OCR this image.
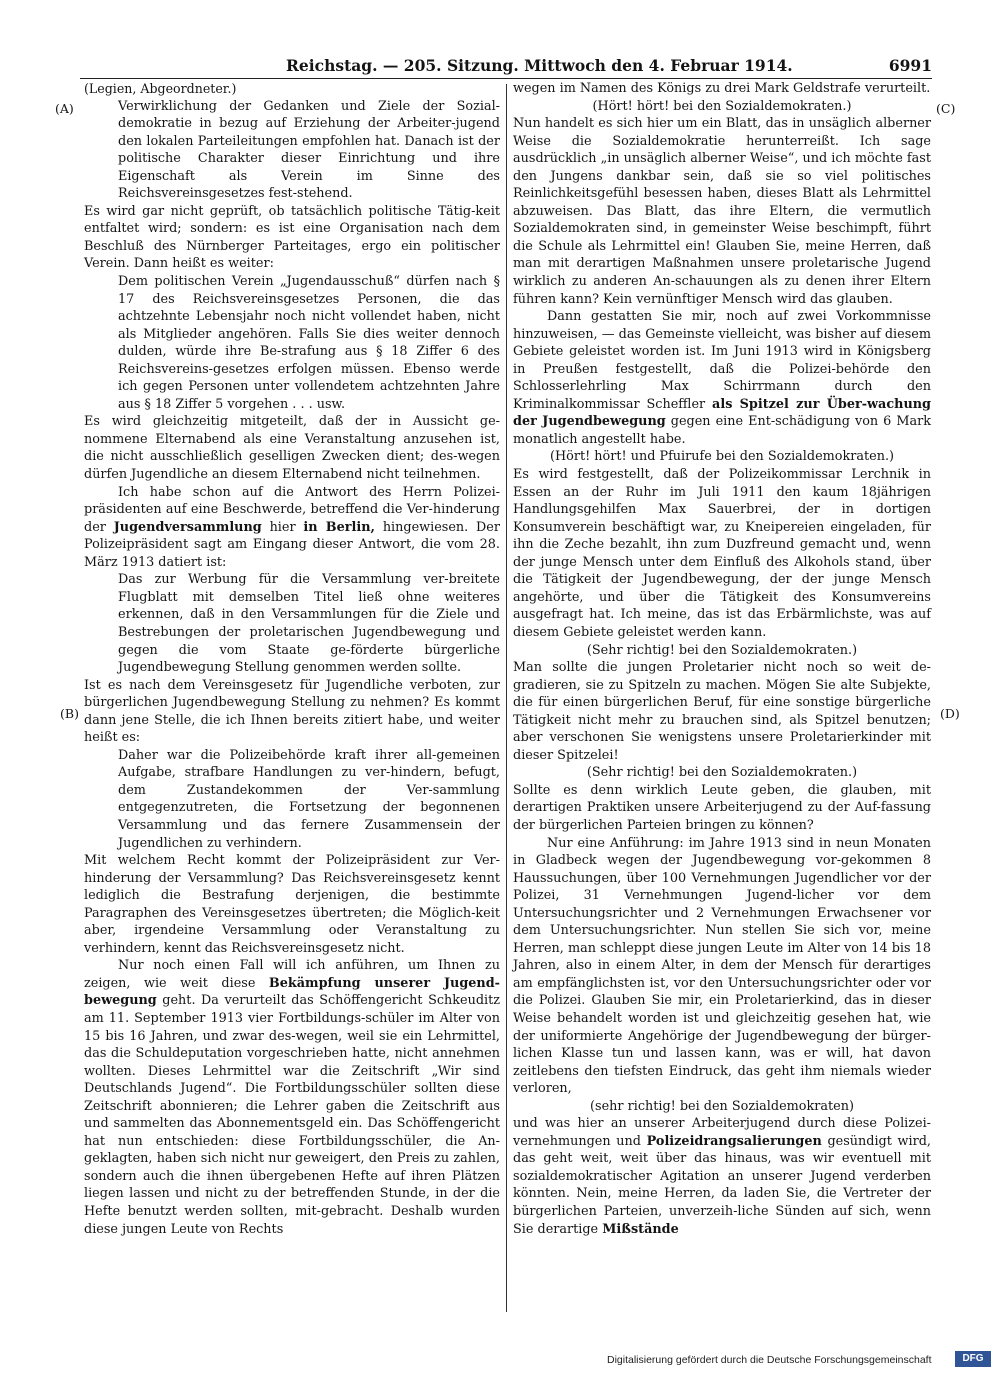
Reichstag. — 205. Sitzung. Mittwoch den 4. Februar 1914.	6991
(A)
(B)
(C)
(D)

(Legien, Abgeordneter.)

Verwirklichung der Gedanken und Ziele der Sozial-demokratie in bezug auf Erziehung der Arbeiter-jugend den lokalen Parteileitungen empfohlen hat. Danach ist der politische Charakter dieser Einrichtung und ihre Eigenschaft als Verein im Sinne des Reichsvereinsgesetzes fest-stehend.

Es wird gar nicht geprüft, ob tatsächlich politische Tätig-keit entfaltet wird; sondern: es ist eine Organisation nach dem Beschluß des Nürnberger Parteitages, ergo ein politischer Verein. Dann heißt es weiter:

Dem politischen Verein „Jugendausschuß“ dürfen nach § 17 des Reichsvereinsgesetzes Personen, die das achtzehnte Lebensjahr noch nicht vollendet haben, nicht als Mitglieder angehören. Falls Sie dies weiter dennoch dulden, würde ihre Be-strafung aus § 18 Ziffer 6 des Reichsvereins-gesetzes erfolgen müssen. Ebenso werde ich gegen Personen unter vollendetem achtzehnten Jahre aus § 18 Ziffer 5 vorgehen . . . usw.

Es wird gleichzeitig mitgeteilt, daß der in Aussicht ge-nommene Elternabend als eine Veranstaltung anzusehen ist, die nicht ausschließlich geselligen Zwecken dient; des-wegen dürfen Jugendliche an diesem Elternabend nicht teilnehmen.

Ich habe schon auf die Antwort des Herrn Polizei-präsidenten auf eine Beschwerde, betreffend die Ver-hinderung der Jugendversammlung hier in Berlin, hingewiesen. Der Polizeipräsident sagt am Eingang dieser Antwort, die vom 28. März 1913 datiert ist:

Das zur Werbung für die Versammlung ver-breitete Flugblatt mit demselben Titel ließ ohne weiteres erkennen, daß in den Versammlungen für die Ziele und Bestrebungen der proletarischen Jugendbewegung und gegen die vom Staate ge-förderte bürgerliche Jugendbewegung Stellung genommen werden sollte.

Ist es nach dem Vereinsgesetz für Jugendliche verboten, zur bürgerlichen Jugendbewegung Stellung zu nehmen? Es kommt dann jene Stelle, die ich Ihnen bereits zitiert habe, und weiter heißt es:

Daher war die Polizeibehörde kraft ihrer all-gemeinen Aufgabe, strafbare Handlungen zu ver-hindern, befugt, dem Zustandekommen der Ver-sammlung entgegenzutreten, die Fortsetzung der begonnenen Versammlung und das fernere Zusammensein der Jugendlichen zu verhindern.

Mit welchem Recht kommt der Polizeipräsident zur Ver-hinderung der Versammlung? Das Reichsvereinsgesetz kennt lediglich die Bestrafung derjenigen, die bestimmte Paragraphen des Vereinsgesetzes übertreten; die Möglich-keit aber, irgendeine Versammlung oder Veranstaltung zu verhindern, kennt das Reichsvereinsgesetz nicht.

Nur noch einen Fall will ich anführen, um Ihnen zu zeigen, wie weit diese Bekämpfung unserer Jugend-bewegung geht. Da verurteilt das Schöffengericht Schkeuditz am 11. September 1913 vier Fortbildungs-schüler im Alter von 15 bis 16 Jahren, und zwar des-wegen, weil sie ein Lehrmittel, das die Schuldeputation vorgeschrieben hatte, nicht annehmen wollten. Dieses Lehrmittel war die Zeitschrift „Wir sind Deutschlands Jugend“. Die Fortbildungsschüler sollten diese Zeitschrift abonnieren; die Lehrer gaben die Zeitschrift aus und sammelten das Abonnementsgeld ein. Das Schöffengericht hat nun entschieden: diese Fortbildungsschüler, die An-geklagten, haben sich nicht nur geweigert, den Preis zu zahlen, sondern auch die ihnen übergebenen Hefte auf ihren Plätzen liegen lassen und nicht zu der betreffenden Stunde, in der die Hefte benutzt werden sollten, mit-gebracht. Deshalb wurden diese jungen Leute von Rechts

wegen im Namen des Königs zu drei Mark Geldstrafe verurteilt.

(Hört! hört! bei den Sozialdemokraten.)

Nun handelt es sich hier um ein Blatt, das in unsäglich alberner Weise die Sozialdemokratie herunterreißt. Ich sage ausdrücklich „in unsäglich alberner Weise“, und ich möchte fast den Jungens dankbar sein, daß sie so viel politisches Reinlichkeitsgefühl besessen haben, dieses Blatt als Lehrmittel abzuweisen. Das Blatt, das ihre Eltern, die vermutlich Sozialdemokraten sind, in gemeinster Weise beschimpft, führt die Schule als Lehrmittel ein! Glauben Sie, meine Herren, daß man mit derartigen Maßnahmen unsere proletarische Jugend wirklich zu anderen An-schauungen als zu denen ihrer Eltern führen kann? Kein vernünftiger Mensch wird das glauben.

Dann gestatten Sie mir, noch auf zwei Vorkommnisse hinzuweisen, — das Gemeinste vielleicht, was bisher auf diesem Gebiete geleistet worden ist. Im Juni 1913 wird in Königsberg in Preußen festgestellt, daß die Polizei-behörde den Schlosserlehrling Max Schirrmann durch den Kriminalkommissar Scheffler als Spitzel zur Über-wachung der Jugendbewegung gegen eine Ent-schädigung von 6 Mark monatlich angestellt habe.

(Hört! hört! und Pfuirufe bei den Sozialdemokraten.)

Es wird festgestellt, daß der Polizeikommissar Lerchnik in Essen an der Ruhr im Juli 1911 den kaum 18jährigen Handlungsgehilfen Max Sauerbrei, der in dortigen Konsumverein beschäftigt war, zu Kneipereien eingeladen, für ihn die Zeche bezahlt, ihn zum Duzfreund gemacht und, wenn der junge Mensch unter dem Einfluß des Alkohols stand, über die Tätigkeit der Jugendbewegung, der der junge Mensch angehörte, und über die Tätigkeit des Konsumvereins ausgefragt hat. Ich meine, das ist das Erbärmlichste, was auf diesem Gebiete geleistet werden kann.

(Sehr richtig! bei den Sozialdemokraten.)

Man sollte die jungen Proletarier nicht noch so weit de-gradieren, sie zu Spitzeln zu machen. Mögen Sie alte Subjekte, die für einen bürgerlichen Beruf, für eine sonstige bürgerliche Tätigkeit nicht mehr zu brauchen sind, als Spitzel benutzen; aber verschonen Sie wenigstens unsere Proletarierkinder mit dieser Spitzelei!

(Sehr richtig! bei den Sozialdemokraten.)

Sollte es denn wirklich Leute geben, die glauben, mit derartigen Praktiken unsere Arbeiterjugend zu der Auf-fassung der bürgerlichen Parteien bringen zu können?

Nur eine Anführung: im Jahre 1913 sind in neun Monaten in Gladbeck wegen der Jugendbewegung vor-gekommen 8 Haussuchungen, über 100 Vernehmungen Jugendlicher vor der Polizei, 31 Vernehmungen Jugend-licher vor dem Untersuchungsrichter und 2 Vernehmungen Erwachsener vor dem Untersuchungsrichter. Nun stellen Sie sich vor, meine Herren, man schleppt diese jungen Leute im Alter von 14 bis 18 Jahren, also in einem Alter, in dem der Mensch für derartiges am empfänglichsten ist, vor den Untersuchungsrichter oder vor die Polizei. Glauben Sie mir, ein Proletarierkind, das in dieser Weise behandelt worden ist und gleichzeitig gesehen hat, wie der uniformierte Angehörige der Jugendbewegung der bürger-lichen Klasse tun und lassen kann, was er will, hat davon zeitlebens den tiefsten Eindruck, das geht ihm niemals wieder verloren,

(sehr richtig! bei den Sozialdemokraten)

und was hier an unserer Arbeiterjugend durch diese Polizei-vernehmungen und Polizeidrangsalierungen gesündigt wird, das geht weit, weit über das hinaus, was wir eventuell mit sozialdemokratischer Agitation an unserer Jugend verderben könnten. Nein, meine Herren, da laden Sie, die Vertreter der bürgerlichen Parteien, unverzeih-liche Sünden auf sich, wenn Sie derartige Mißstände

Digitalisierung gefördert durch die Deutsche Forschungsgemeinschaft	DFG
